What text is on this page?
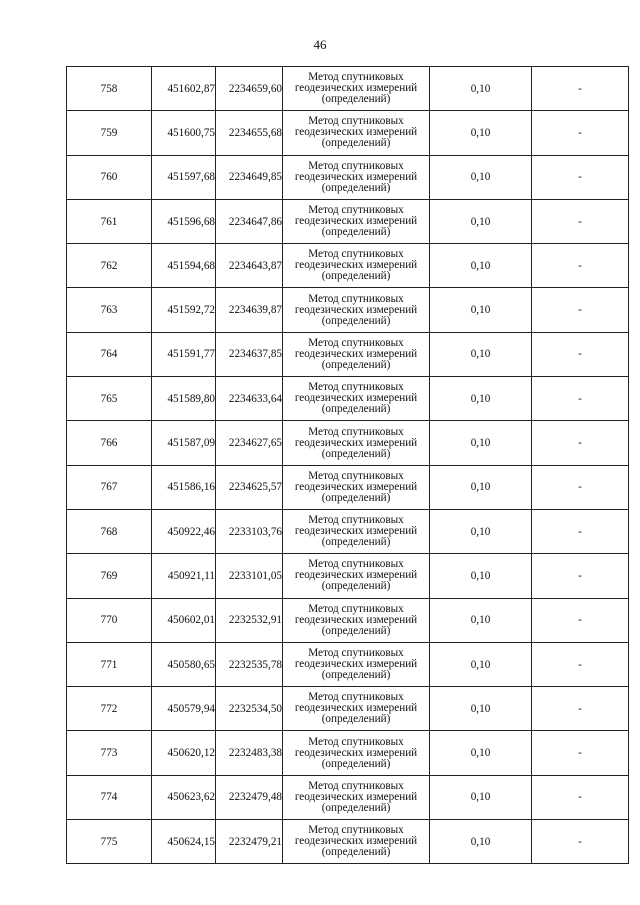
46
758	451602,87	2234659,60	Метод спутниковых
геодезических измерений
(определений)	0,10	-
759	451600,75	2234655,68	Метод спутниковых
геодезических измерений
(определений)	0,10	-
760	451597,68	2234649,85	Метод спутниковых
геодезических измерений
(определений)	0,10	-
761	451596,68	2234647,86	Метод спутниковых
геодезических измерений
(определений)	0,10	-
762	451594,68	2234643,87	Метод спутниковых
геодезических измерений
(определений)	0,10	-
763	451592,72	2234639,87	Метод спутниковых
геодезических измерений
(определений)	0,10	-
764	451591,77	2234637,85	Метод спутниковых
геодезических измерений
(определений)	0,10	-
765	451589,80	2234633,64	Метод спутниковых
геодезических измерений
(определений)	0,10	-
766	451587,09	2234627,65	Метод спутниковых
геодезических измерений
(определений)	0,10	-
767	451586,16	2234625,57	Метод спутниковых
геодезических измерений
(определений)	0,10	-
768	450922,46	2233103,76	Метод спутниковых
геодезических измерений
(определений)	0,10	-
769	450921,11	2233101,05	Метод спутниковых
геодезических измерений
(определений)	0,10	-
770	450602,01	2232532,91	Метод спутниковых
геодезических измерений
(определений)	0,10	-
771	450580,65	2232535,78	Метод спутниковых
геодезических измерений
(определений)	0,10	-
772	450579,94	2232534,50	Метод спутниковых
геодезических измерений
(определений)	0,10	-
773	450620,12	2232483,38	Метод спутниковых
геодезических измерений
(определений)	0,10	-
774	450623,62	2232479,48	Метод спутниковых
геодезических измерений
(определений)	0,10	-
775	450624,15	2232479,21	Метод спутниковых
геодезических измерений
(определений)	0,10	-
